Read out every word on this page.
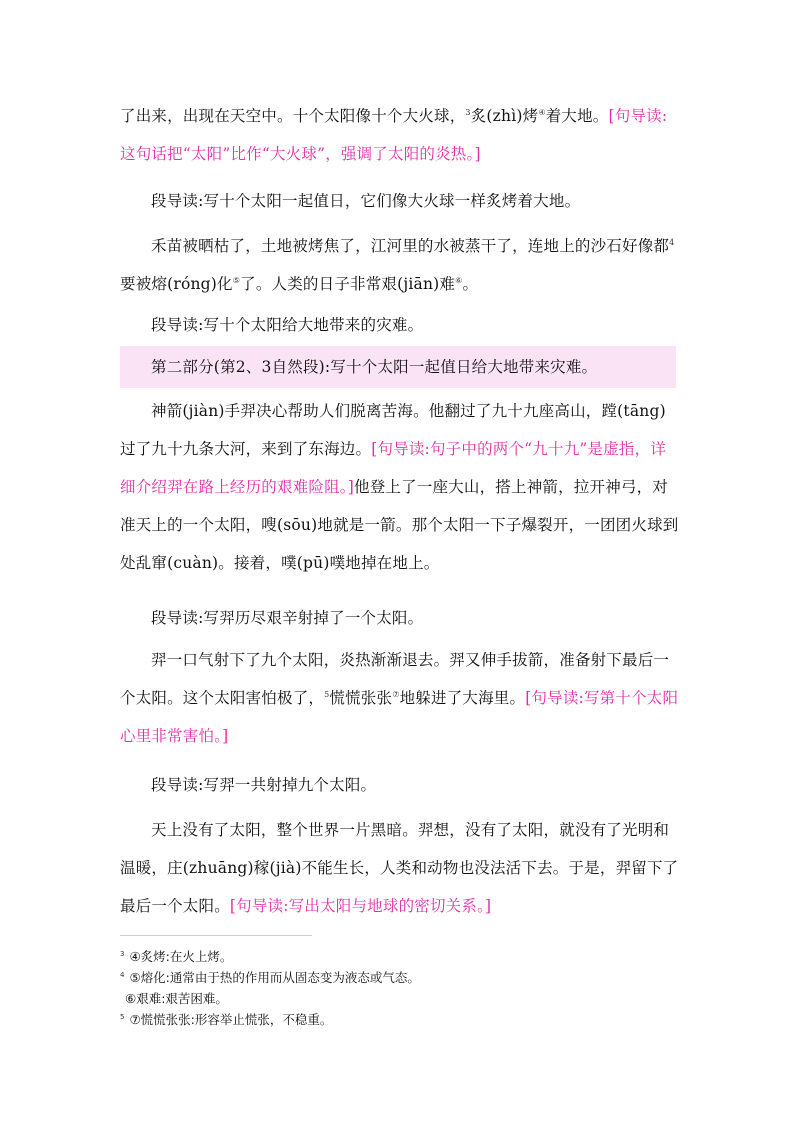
了出来，出现在天空中。十个太阳像十个大火球，$^3$炙(zhì)烤④着大地。[句导读:这句话把“太阳”比作“大火球”，强调了太阳的炎热。]
段导读:写十个太阳一起值日，它们像大火球一样炙烤着大地。
禾苗被晒枯了，土地被烤焦了，江河里的水被蒸干了，连地上的沙石好像都$^4$要被熔(róng)化⑤了。人类的日子非常艰(jiān)难⑥。
段导读:写十个太阳给大地带来的灾难。
第二部分(第2、3自然段):写十个太阳一起值日给大地带来灾难。
神箭(jiàn)手羿决心帮助人们脱离苦海。他翻过了九十九座高山，蹚(tāng)过了九十九条大河，来到了东海边。[句导读:句子中的两个“九十九”是虚指，详细介绍羿在路上经历的艰难险阻。]他登上了一座大山，搭上神箭，拉开神弓，对准天上的一个太阳，嗖(sōu)地就是一箭。那个太阳一下子爆裂开，一团团火球到处乱窜(cuàn)。接着，噗(pū)噗地掉在地上。
段导读:写羿历尽艰辛射掉了一个太阳。
羿一口气射下了九个太阳，炎热渐渐退去。羿又伸手拔箭，准备射下最后一个太阳。这个太阳害怕极了，$^5$慌慌张张⑦地躲进了大海里。[句导读:写第十个太阳心里非常害怕。]
段导读:写羿一共射掉九个太阳。
天上没有了太阳，整个世界一片黑暗。羿想，没有了太阳，就没有了光明和温暖，庄(zhuāng)稼(jià)不能生长，人类和动物也没法活下去。于是，羿留下了最后一个太阳。[句导读:写出太阳与地球的密切关系。]
$^3$ ④炙烤:在火上烤。
$^4$ ⑤熔化:通常由于热的作用而从固态变为液态或气态。
⑥艰难:艰苦困难。
$^5$ ⑦慌慌张张:形容举止慌张，不稳重。
